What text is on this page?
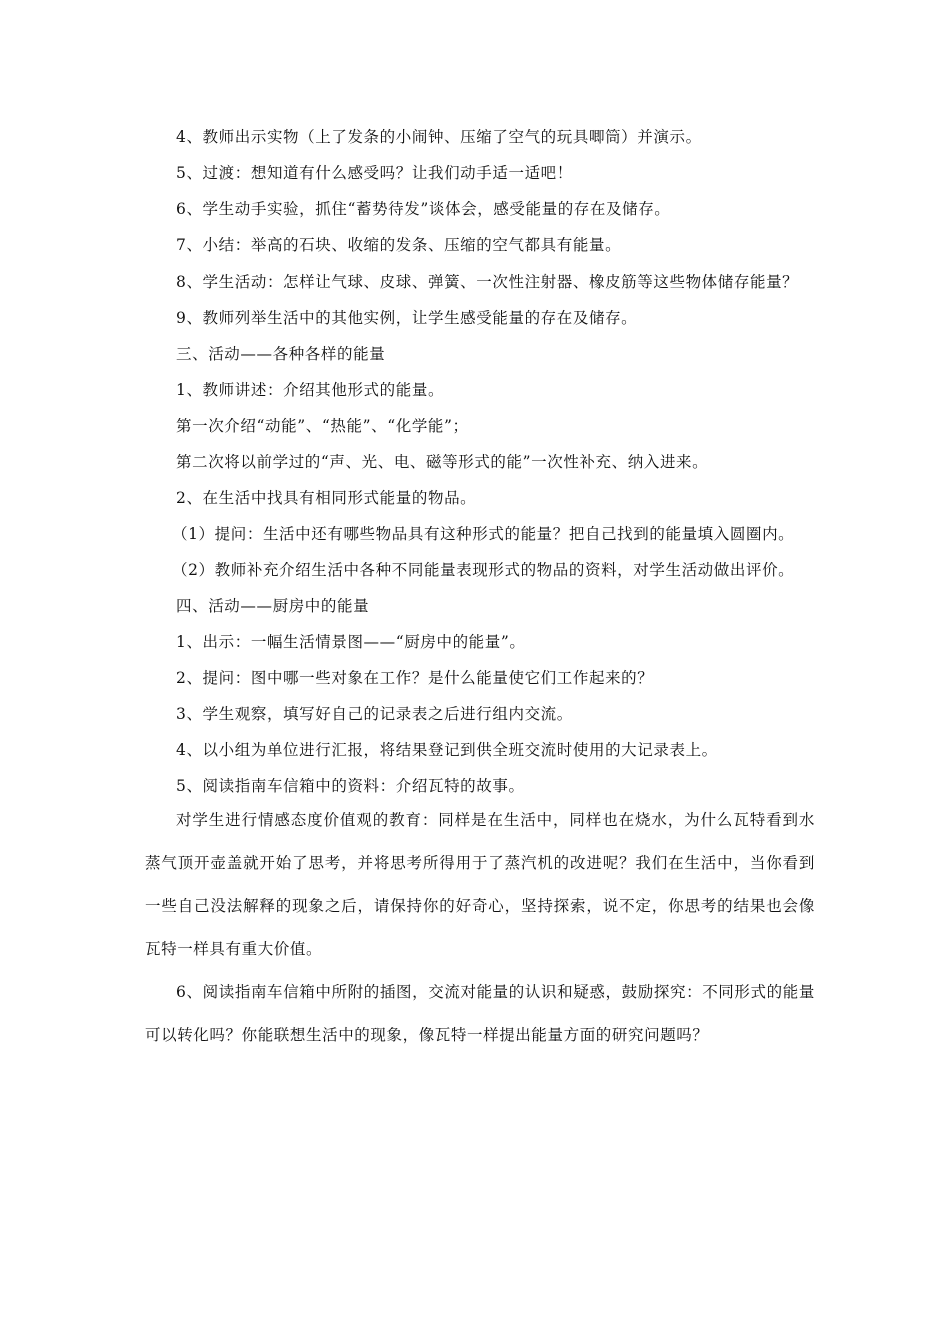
4、教师出示实物（上了发条的小闹钟、压缩了空气的玩具唧筒）并演示。
5、过渡：想知道有什么感受吗？让我们动手适一适吧！
6、学生动手实验，抓住“蓄势待发”谈体会，感受能量的存在及储存。
7、小结：举高的石块、收缩的发条、压缩的空气都具有能量。
8、学生活动：怎样让气球、皮球、弹簧、一次性注射器、橡皮筋等这些物体储存能量？
9、教师列举生活中的其他实例，让学生感受能量的存在及储存。
三、活动——各种各样的能量
1、教师讲述：介绍其他形式的能量。
第一次介绍“动能”、“热能”、“化学能”；
第二次将以前学过的“声、光、电、磁等形式的能”一次性补充、纳入进来。
2、在生活中找具有相同形式能量的物品。
（1）提问：生活中还有哪些物品具有这种形式的能量？把自己找到的能量填入圆圈内。
（2）教师补充介绍生活中各种不同能量表现形式的物品的资料，对学生活动做出评价。
四、活动——厨房中的能量
1、出示：一幅生活情景图——“厨房中的能量”。
2、提问：图中哪一些对象在工作？是什么能量使它们工作起来的？
3、学生观察，填写好自己的记录表之后进行组内交流。
4、以小组为单位进行汇报，将结果登记到供全班交流时使用的大记录表上。
5、阅读指南车信箱中的资料：介绍瓦特的故事。
对学生进行情感态度价值观的教育：同样是在生活中，同样也在烧水，为什么瓦特看到水蒸气顶开壶盖就开始了思考，并将思考所得用于了蒸汽机的改进呢？我们在生活中，当你看到一些自己没法解释的现象之后，请保持你的好奇心，坚持探索，说不定，你思考的结果也会像瓦特一样具有重大价值。
6、阅读指南车信箱中所附的插图，交流对能量的认识和疑惑，鼓励探究：不同形式的能量可以转化吗？你能联想生活中的现象，像瓦特一样提出能量方面的研究问题吗？
